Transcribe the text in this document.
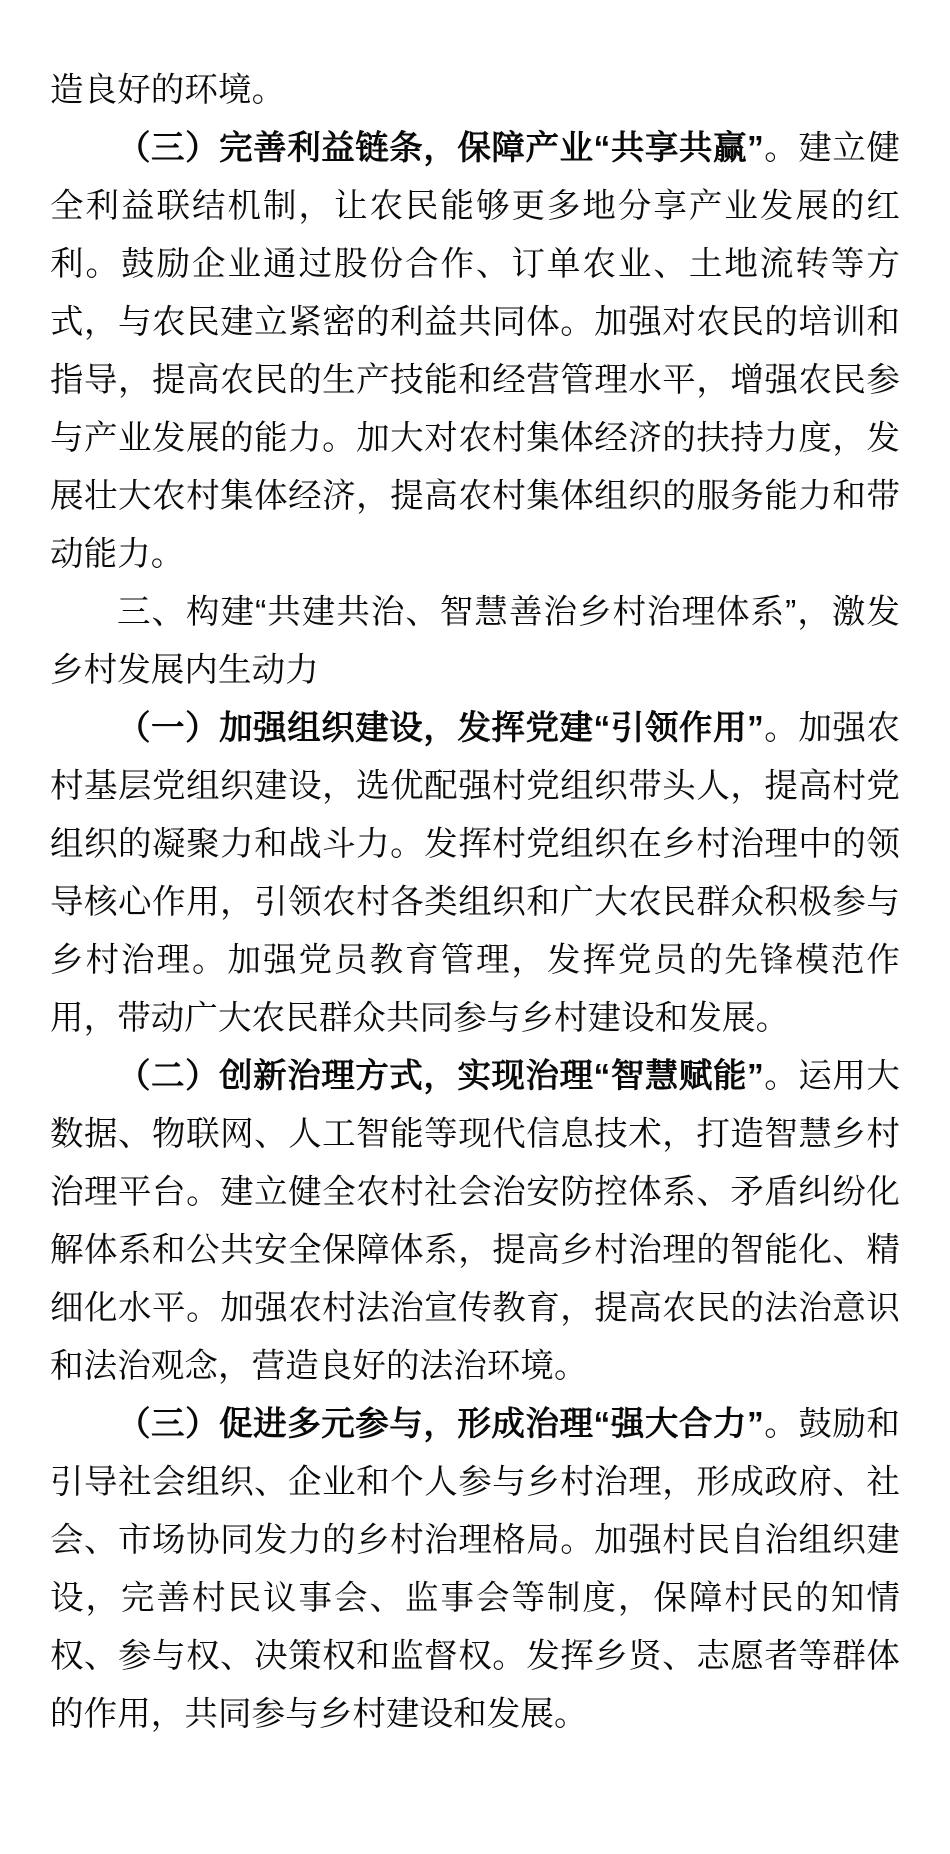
造良好的环境。

（三）完善利益链条，保障产业“共享共赢”。建立健全利益联结机制，让农民能够更多地分享产业发展的红利。鼓励企业通过股份合作、订单农业、土地流转等方式，与农民建立紧密的利益共同体。加强对农民的培训和指导，提高农民的生产技能和经营管理水平，增强农民参与产业发展的能力。加大对农村集体经济的扶持力度，发展壮大农村集体经济，提高农村集体组织的服务能力和带动能力。

三、构建“共建共治、智慧善治乡村治理体系”，激发乡村发展内生动力

（一）加强组织建设，发挥党建“引领作用”。加强农村基层党组织建设，选优配强村党组织带头人，提高村党组织的凝聚力和战斗力。发挥村党组织在乡村治理中的领导核心作用，引领农村各类组织和广大农民群众积极参与乡村治理。加强党员教育管理，发挥党员的先锋模范作用，带动广大农民群众共同参与乡村建设和发展。

（二）创新治理方式，实现治理“智慧赋能”。运用大数据、物联网、人工智能等现代信息技术，打造智慧乡村治理平台。建立健全农村社会治安防控体系、矛盾纠纷化解体系和公共安全保障体系，提高乡村治理的智能化、精细化水平。加强农村法治宣传教育，提高农民的法治意识和法治观念，营造良好的法治环境。

（三）促进多元参与，形成治理“强大合力”。鼓励和引导社会组织、企业和个人参与乡村治理，形成政府、社会、市场协同发力的乡村治理格局。加强村民自治组织建设，完善村民议事会、监事会等制度，保障村民的知情权、参与权、决策权和监督权。发挥乡贤、志愿者等群体的作用，共同参与乡村建设和发展。
